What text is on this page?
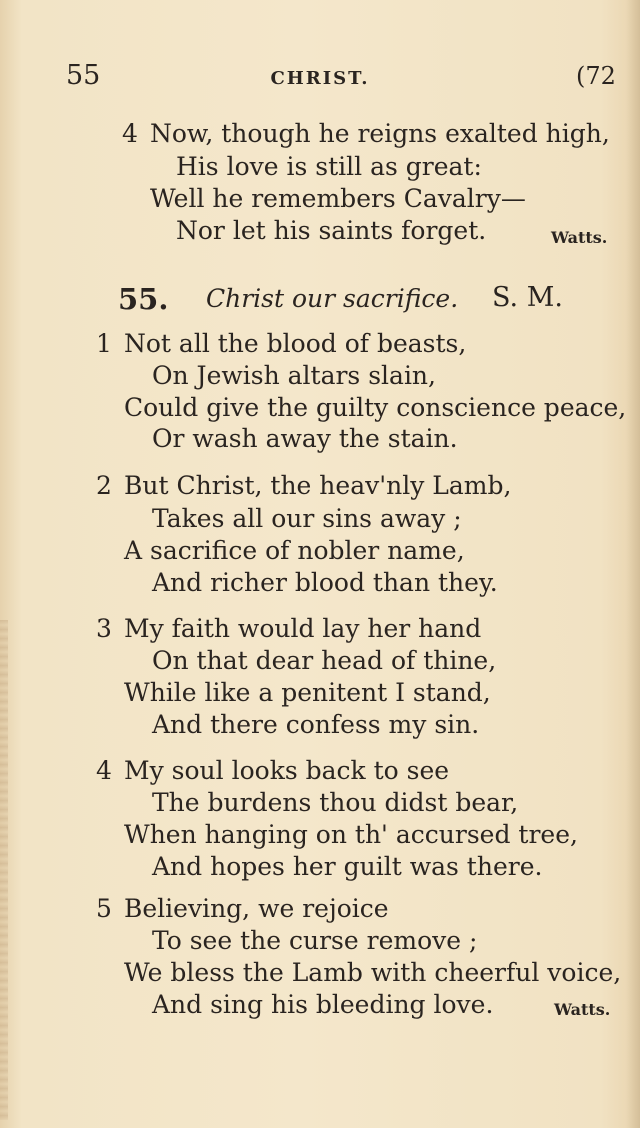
55	CHRIST.	(72
4 Now, though he reigns exalted high,
His love is still as great:
Well he remembers Cavalry—
Nor let his saints forget.	Watts.
55. Christ our sacrifice. S. M.
1 Not all the blood of beasts,
On Jewish altars slain,
Could give the guilty conscience peace,
Or wash away the stain.
2 But Christ, the heav'nly Lamb,
Takes all our sins away ;
A sacrifice of nobler name,
And richer blood than they.
3 My faith would lay her hand
On that dear head of thine,
While like a penitent I stand,
And there confess my sin.
4 My soul looks back to see
The burdens thou didst bear,
When hanging on th' accursed tree,
And hopes her guilt was there.
5 Believing, we rejoice
To see the curse remove ;
We bless the Lamb with cheerful voice,
And sing his bleeding love.	Watts.
